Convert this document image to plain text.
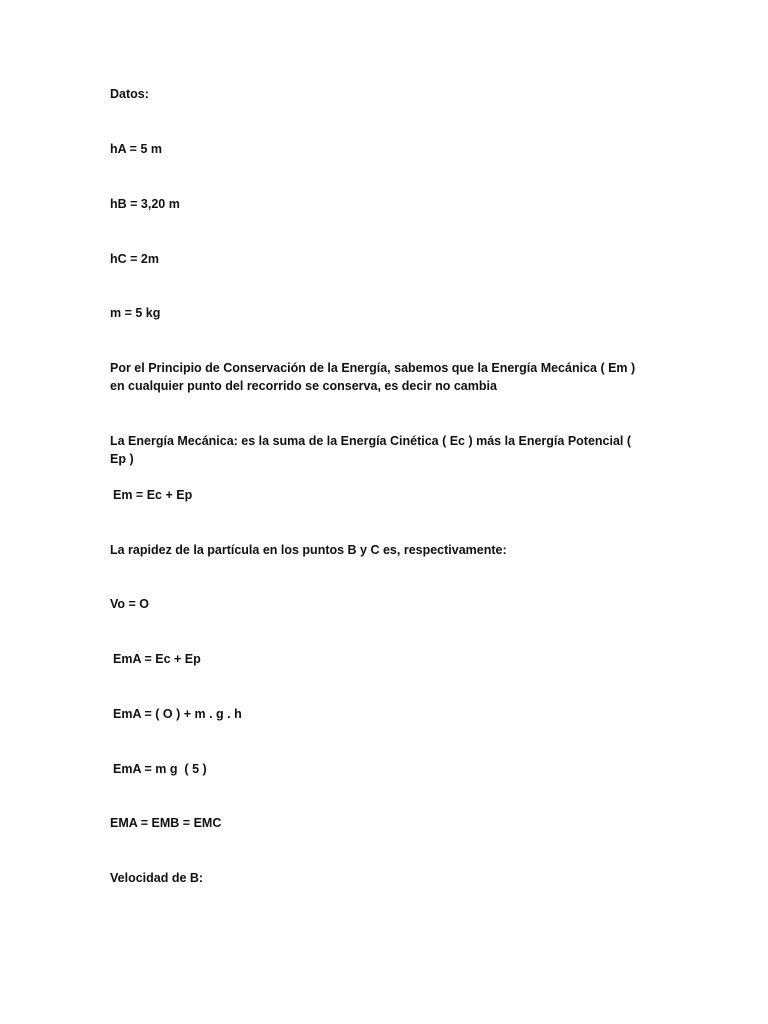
Datos:

hA = 5 m

hB = 3,20 m

hC = 2m

m = 5 kg

Por el Principio de Conservación de la Energía, sabemos que la Energía Mecánica ( Em ) en cualquier punto del recorrido se conserva, es decir no cambia

La Energía Mecánica: es la suma de la Energía Cinética ( Ec ) más la Energía Potencial ( Ep )

Em = Ec + Ep

La rapidez de la partícula en los puntos B y C es, respectivamente:

Vo = O

EmA = Ec + Ep

EmA = ( O ) + m . g . h

EmA = m g  ( 5 )

EMA = EMB = EMC

Velocidad de B:
